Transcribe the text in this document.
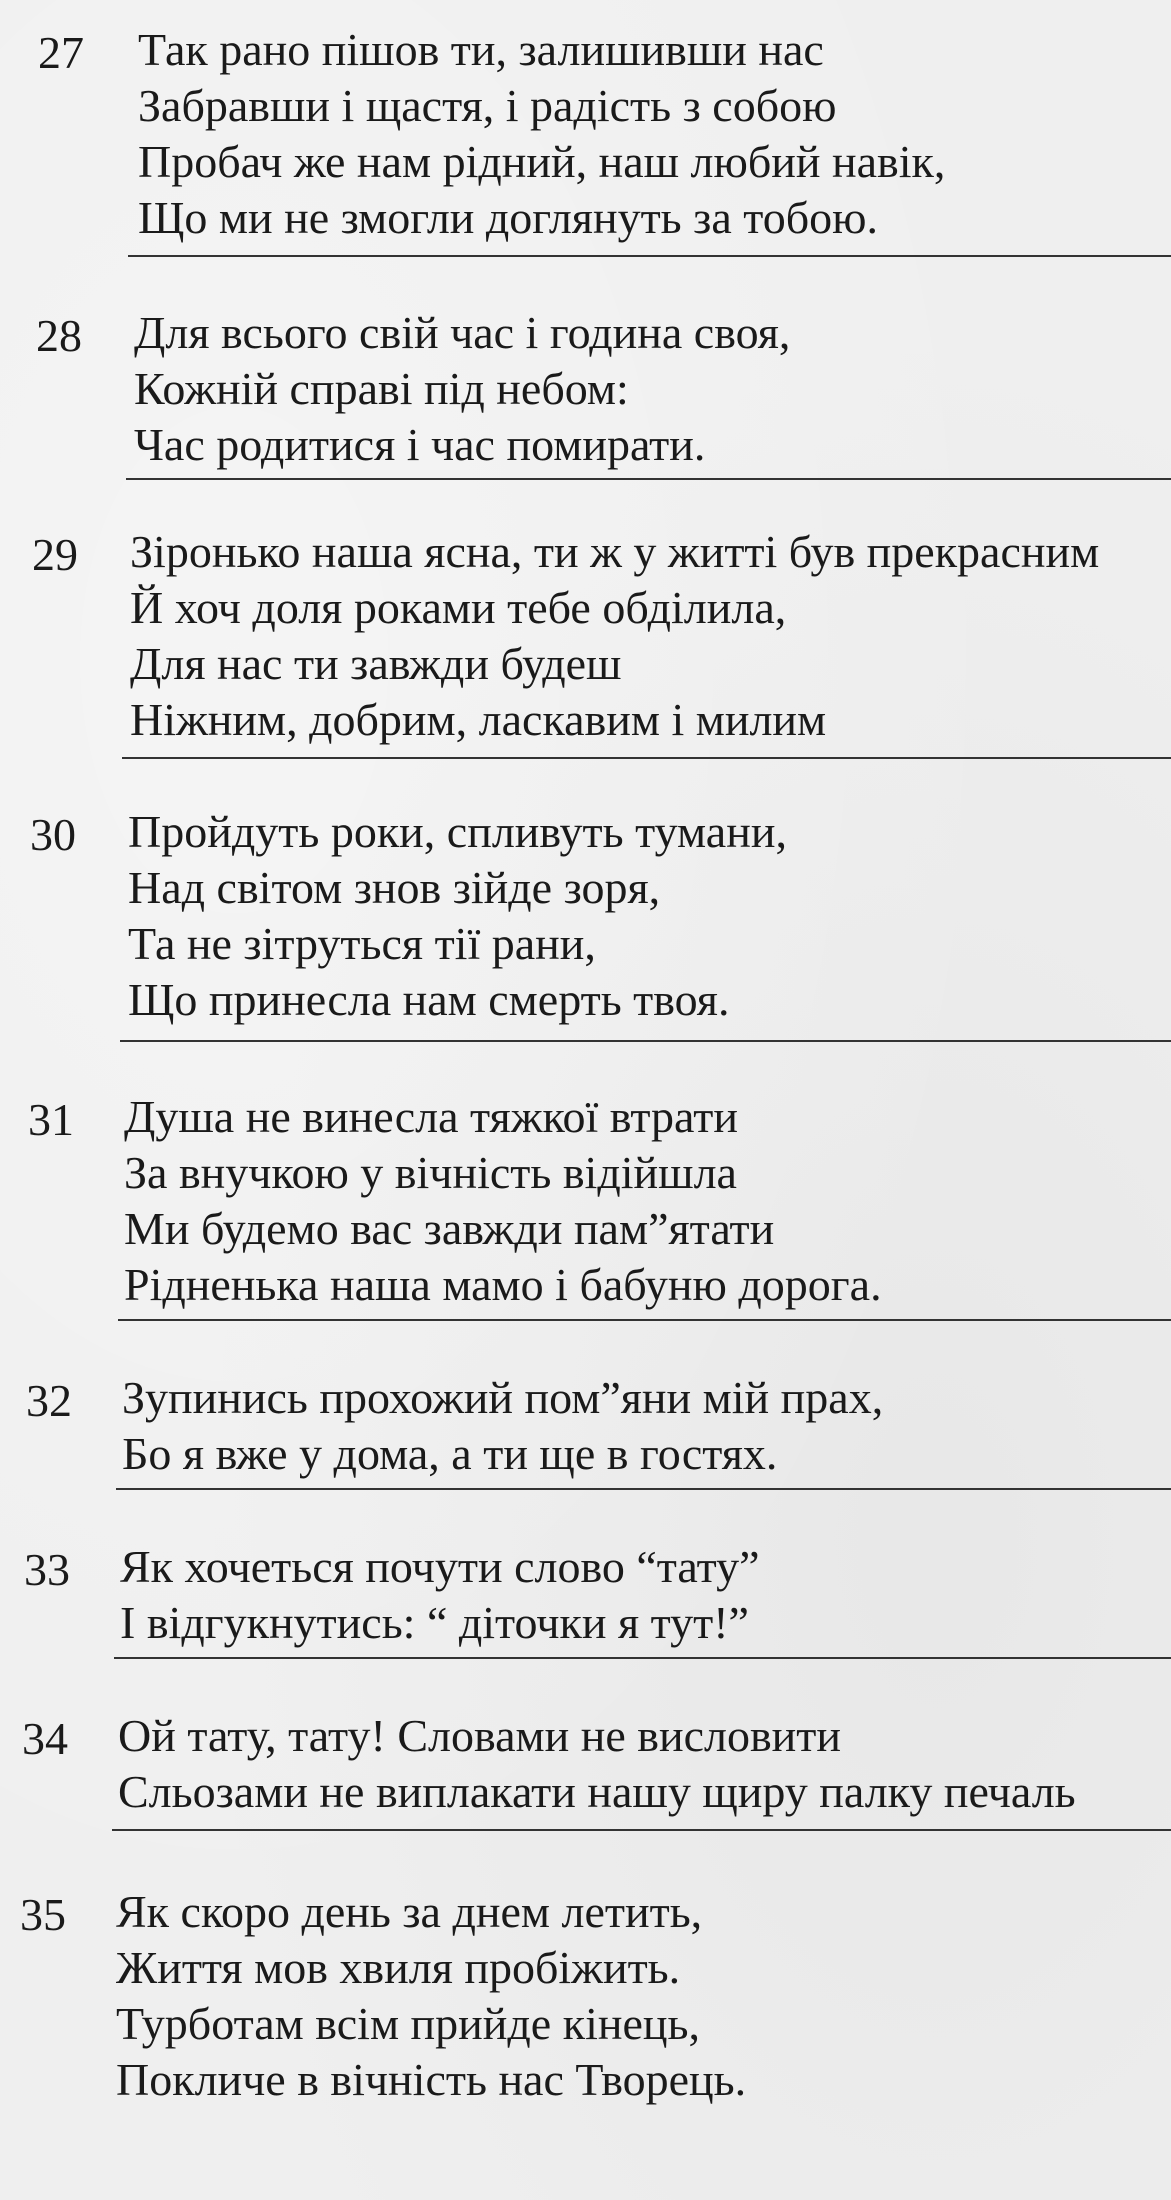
27 Так рано пішов ти, залишивши нас
Забравши і щастя, і радість з собою
Пробач же нам рідний, наш любий навік,
Що ми не змогли доглянуть за тобою.
28 Для всього свій час і година своя,
Кожній справі під небом:
Час родитися і час помирати.
29 Зіронько наша ясна, ти ж у житті був прекрасним
Й хоч доля роками тебе обділила,
Для нас ти завжди будеш
Ніжним, добрим, ласкавим і милим
30 Пройдуть роки, спливуть тумани,
Над світом знов зійде зоря,
Та не зітруться тії рани,
Що принесла нам смерть твоя.
31 Душа не винесла тяжкої втрати
За внучкою у вічність відійшла
Ми будемо вас завжди пам”ятати
Рідненька наша мамо і бабуню дорога.
32 Зупинись прохожий пом”яни мій прах,
Бо я вже у дома, а ти ще в гостях.
33 Як хочеться почути слово “тату”
І відгукнутись: “ діточки я тут!”
34 Ой тату, тату! Словами не висловити
Сльозами не виплакати нашу щиру палку печаль
35 Як скоро день за днем летить,
Життя мов хвиля пробіжить.
Турботам всім прийде кінець,
Покличе в вічність нас Творець.
